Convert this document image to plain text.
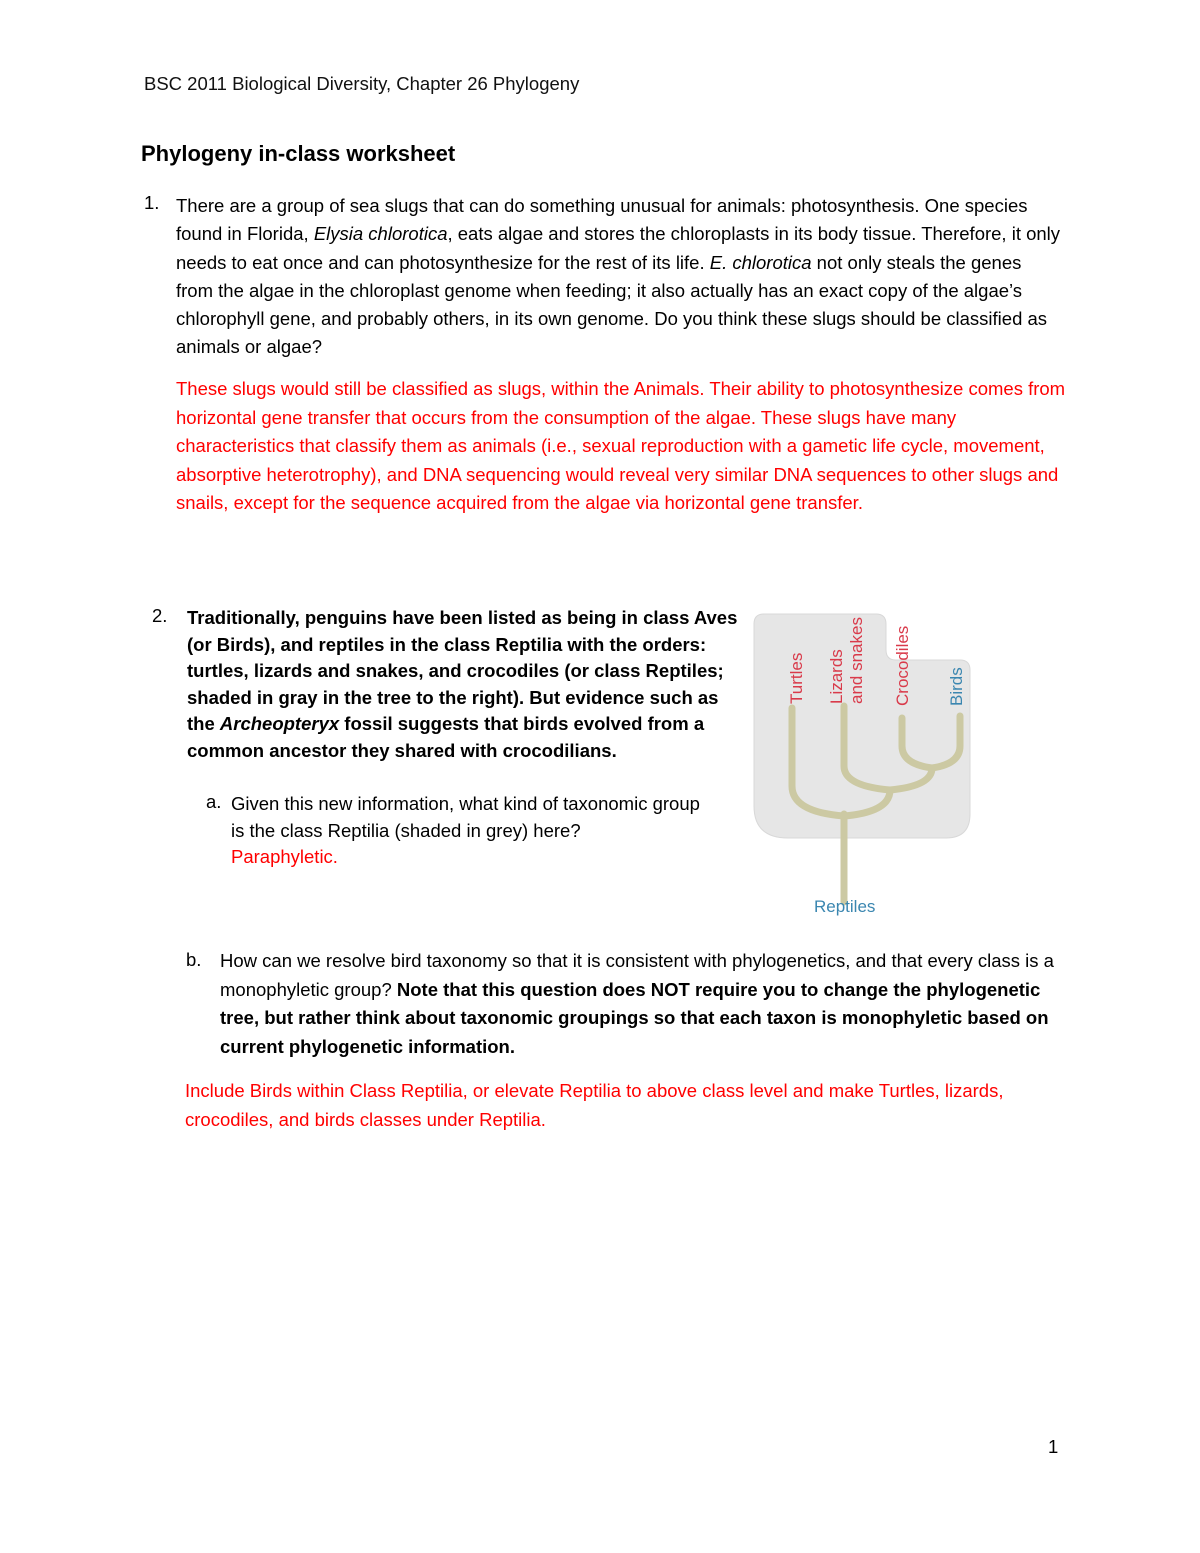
BSC 2011 Biological Diversity, Chapter 26 Phylogeny
Phylogeny in-class worksheet
1. There are a group of sea slugs that can do something unusual for animals: photosynthesis. One species found in Florida, Elysia chlorotica, eats algae and stores the chloroplasts in its body tissue. Therefore, it only needs to eat once and can photosynthesize for the rest of its life. E. chlorotica not only steals the genes from the algae in the chloroplast genome when feeding; it also actually has an exact copy of the algae’s chlorophyll gene, and probably others, in its own genome. Do you think these slugs should be classified as animals or algae?
These slugs would still be classified as slugs, within the Animals. Their ability to photosynthesize comes from horizontal gene transfer that occurs from the consumption of the algae. These slugs have many characteristics that classify them as animals (i.e., sexual reproduction with a gametic life cycle, movement, absorptive heterotrophy), and DNA sequencing would reveal very similar DNA sequences to other slugs and snails, except for the sequence acquired from the algae via horizontal gene transfer.
2. Traditionally, penguins have been listed as being in class Aves (or Birds), and reptiles in the class Reptilia with the orders: turtles, lizards and snakes, and crocodiles (or class Reptiles; shaded in gray in the tree to the right). But evidence such as the Archeopteryx fossil suggests that birds evolved from a common ancestor they shared with crocodilians.
a. Given this new information, what kind of taxonomic group is the class Reptilia (shaded in grey) here?
Paraphyletic.
Turtles Lizards and snakes Crocodiles Birds
Reptiles
b. How can we resolve bird taxonomy so that it is consistent with phylogenetics, and that every class is a monophyletic group? Note that this question does NOT require you to change the phylogenetic tree, but rather think about taxonomic groupings so that each taxon is monophyletic based on current phylogenetic information.
Include Birds within Class Reptilia, or elevate Reptilia to above class level and make Turtles, lizards, crocodiles, and birds classes under Reptilia.
1
